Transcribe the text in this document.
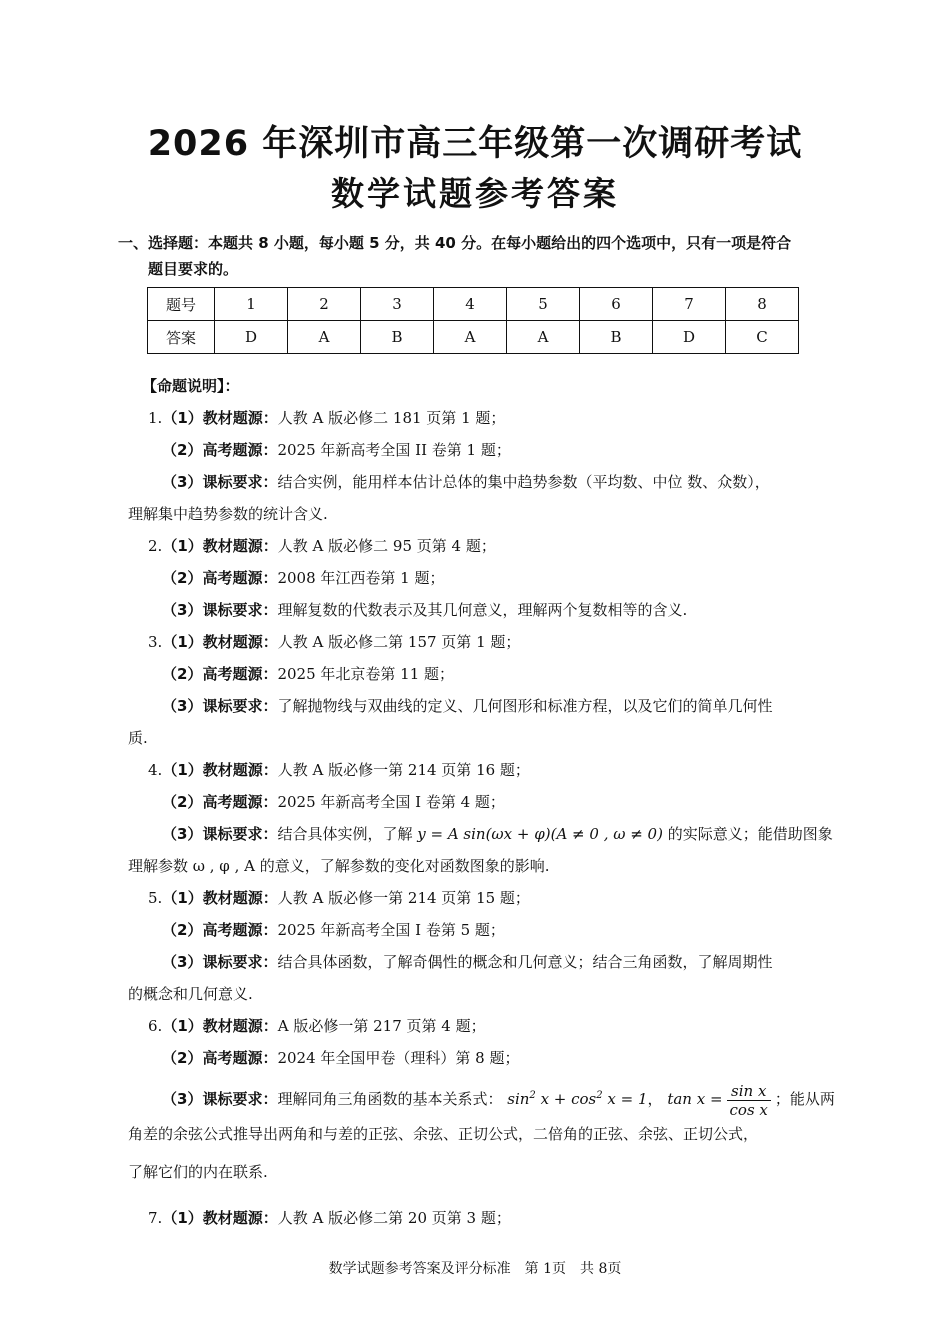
2026 年深圳市高三年级第一次调研考试
数学试题参考答案
一、选择题：本题共 8 小题，每小题 5 分，共 40 分。在每小题给出的四个选项中，只有一项是符合
题目要求的。
题号	1	2	3	4	5	6	7	8
答案	D	A	B	A	A	B	D	C
【命题说明】：
1.（1）教材题源：人教 A 版必修二 181 页第 1 题；
（2）高考题源：2025 年新高考全国 II 卷第 1 题；
（3）课标要求：结合实例，能用样本估计总体的集中趋势参数（平均数、中位 数、众数），
理解集中趋势参数的统计含义.
2.（1）教材题源：人教 A 版必修二 95 页第 4 题；
（2）高考题源：2008 年江西卷第 1 题；
（3）课标要求：理解复数的代数表示及其几何意义，理解两个复数相等的含义.
3.（1）教材题源：人教 A 版必修二第 157 页第 1 题；
（2）高考题源：2025 年北京卷第 11 题；
（3）课标要求：了解抛物线与双曲线的定义、几何图形和标准方程，以及它们的简单几何性
质.
4.（1）教材题源：人教 A 版必修一第 214 页第 16 题；
（2）高考题源：2025 年新高考全国 I 卷第 4 题；
（3）课标要求：结合具体实例，了解 y = A sin(ωx + φ)(A ≠ 0 , ω ≠ 0) 的实际意义；能借助图象
理解参数 ω , φ , A 的意义，了解参数的变化对函数图象的影响.
5.（1）教材题源：人教 A 版必修一第 214 页第 15 题；
（2）高考题源：2025 年新高考全国 I 卷第 5 题；
（3）课标要求：结合具体函数，了解奇偶性的概念和几何意义；结合三角函数，了解周期性
的概念和几何意义.
6.（1）教材题源：A 版必修一第 217 页第 4 题；
（2）高考题源：2024 年全国甲卷（理科）第 8 题；
（3）课标要求：理解同角三角函数的基本关系式： $\sin^2 x + \cos^2 x = 1$， $\tan x = \frac{\text{sin x}}{\text{cos x}}$ ；能从两
角差的余弦公式推导出两角和与差的正弦、余弦、正切公式，二倍角的正弦、余弦、正切公式，
了解它们的内在联系.
7.（1）教材题源：人教 A 版必修二第 20 页第 3 题；
数学试题参考答案及评分标准　第 1页　共 8页
